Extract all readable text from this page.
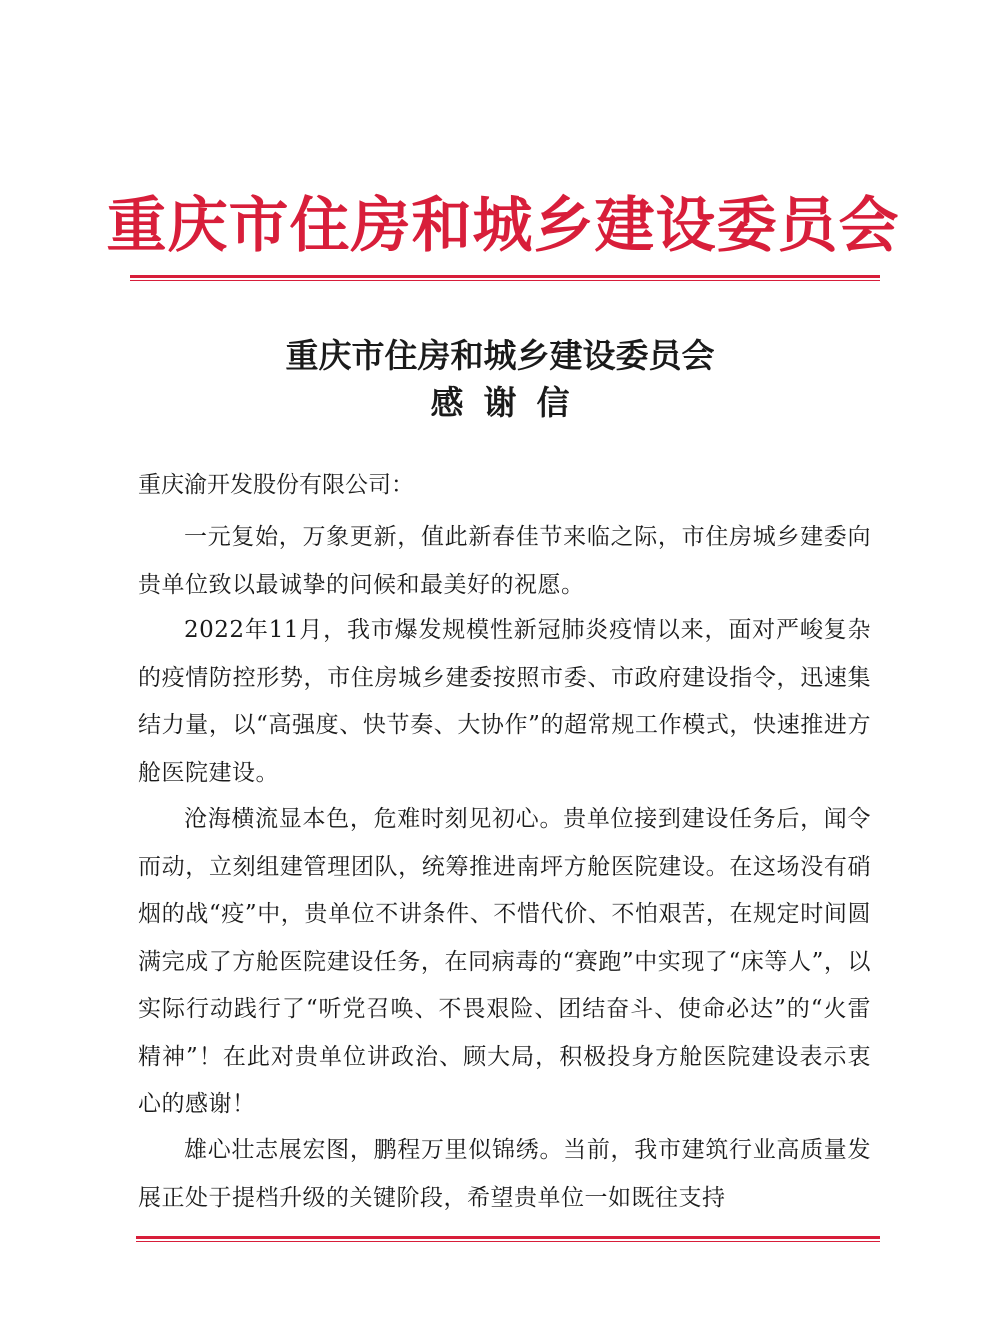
重庆市住房和城乡建设委员会
重庆市住房和城乡建设委员会
感谢信
重庆渝开发股份有限公司：

一元复始，万象更新，值此新春佳节来临之际，市住房城乡建委向贵单位致以最诚挚的问候和最美好的祝愿。

2022年11月，我市爆发规模性新冠肺炎疫情以来，面对严峻复杂的疫情防控形势，市住房城乡建委按照市委、市政府建设指令，迅速集结力量，以“高强度、快节奏、大协作”的超常规工作模式，快速推进方舱医院建设。

沧海横流显本色，危难时刻见初心。贵单位接到建设任务后，闻令而动，立刻组建管理团队，统筹推进南坪方舱医院建设。在这场没有硝烟的战“疫”中，贵单位不讲条件、不惜代价、不怕艰苦，在规定时间圆满完成了方舱医院建设任务，在同病毒的“赛跑”中实现了“床等人”，以实际行动践行了“听党召唤、不畏艰险、团结奋斗、使命必达”的“火雷精神”！在此对贵单位讲政治、顾大局，积极投身方舱医院建设表示衷心的感谢！

雄心壮志展宏图，鹏程万里似锦绣。当前，我市建筑行业高质量发展正处于提档升级的关键阶段，希望贵单位一如既往支持
